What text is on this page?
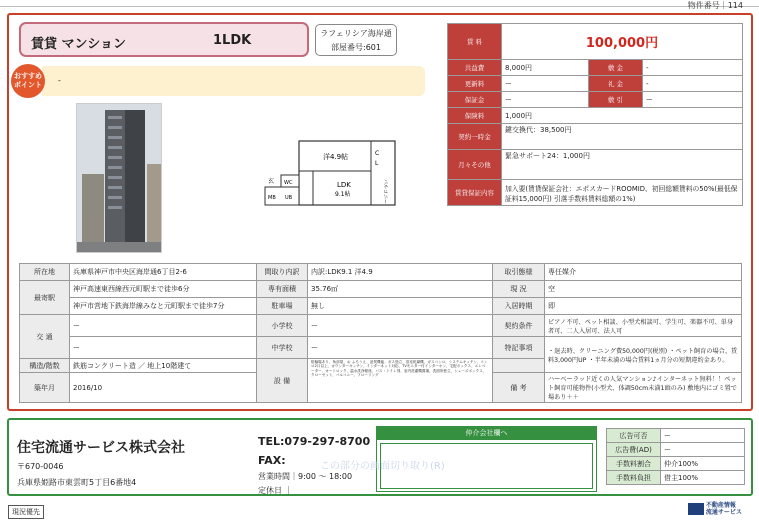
物件番号｜114
賃貸 マンション	1LDK	ラフェリシア海岸通
部屋番号:601
-
おすすめ
ポイント
洋4.9帖
LDK
9.1帖
C
L
バルコニー
玄 WC
UB
MB
賃 料	100,000円		
共益費	8,000円	敷 金	-
更新料	ー	礼 金	-
保証金	ー	敷 引	ー
保険料	1,000円		
契約一時金	鍵交換代：38,500円		
月々その他	緊急サポート24：1,000円		
賃貸保証内容	加入要(賃貸保証会社：エポスカードROOMID、初回総額賃料の50%(最低保証料15,000円) 引落手数料賃料総額の1%)		
所在地	兵庫県神戸市中央区海岸通6丁目2-6	間取り内訳	内訳:LDK9.1 洋4.9	取引態様	専任媒介
最寄駅	神戸高速東西線西元町駅まで徒歩6分	専有面積	35.76㎡	現 況	空
	神戸市営地下鉄海岸線みなと元町駅まで徒歩7分	駐車場	無し	入居時期	即
交 通	ー	小学校	ー	契約条件	ピアノ不可、ペット相談、小型犬相談可、学生可、楽器不可、単身者可、二人入居可、法人可
	ー	中学校	ー	特記事項	・退去時、クリーニング費50,000円(税別) ・ペット飼育の場合、賃料3,000円UP ・半年未満の場合賃料1ヵ月分の短期違約金あり。
構造/階数	鉄筋コンクリート造 ／ 地上10階建て	設 備	駐輪場あり、角部屋、お ふろうえ、追焚機能、ガス独立、浴室乾燥機、ガスコンロ、システムキッチン、コンロ2口以上、カウンターキッチン、インターネット対応、TVモニター付インターホン、宅配ボックス、エレベーター、オートロック、温水洗浄便座、バス・トイレ別、室内洗濯機置場、洗面所独立、シューズボックス、クローゼット、バルコニー、フローリング		
築年月	2016/10			備 考	ハーベーラッド近くの人気マンション♪インターネット無料！！ペット飼育可能物件(小型犬、体調50cm未満1頭のみ) 敷地内にゴミ置で場あり＋＋
住宅流通サービス株式会社
〒670-0046
兵庫県姫路市東雲町5丁目6番地4
TEL:079-297-8700
FAX:
営業時間｜9:00 ～ 18:00
定休日 ｜
仲介会社欄へ
この部分の画面切り取り(R)
広告可否	ー
広告費(AD)	ー
手数料割合	仲介100%
手数料負担	借主100%
現況優先
不動産情報
流通サービス
